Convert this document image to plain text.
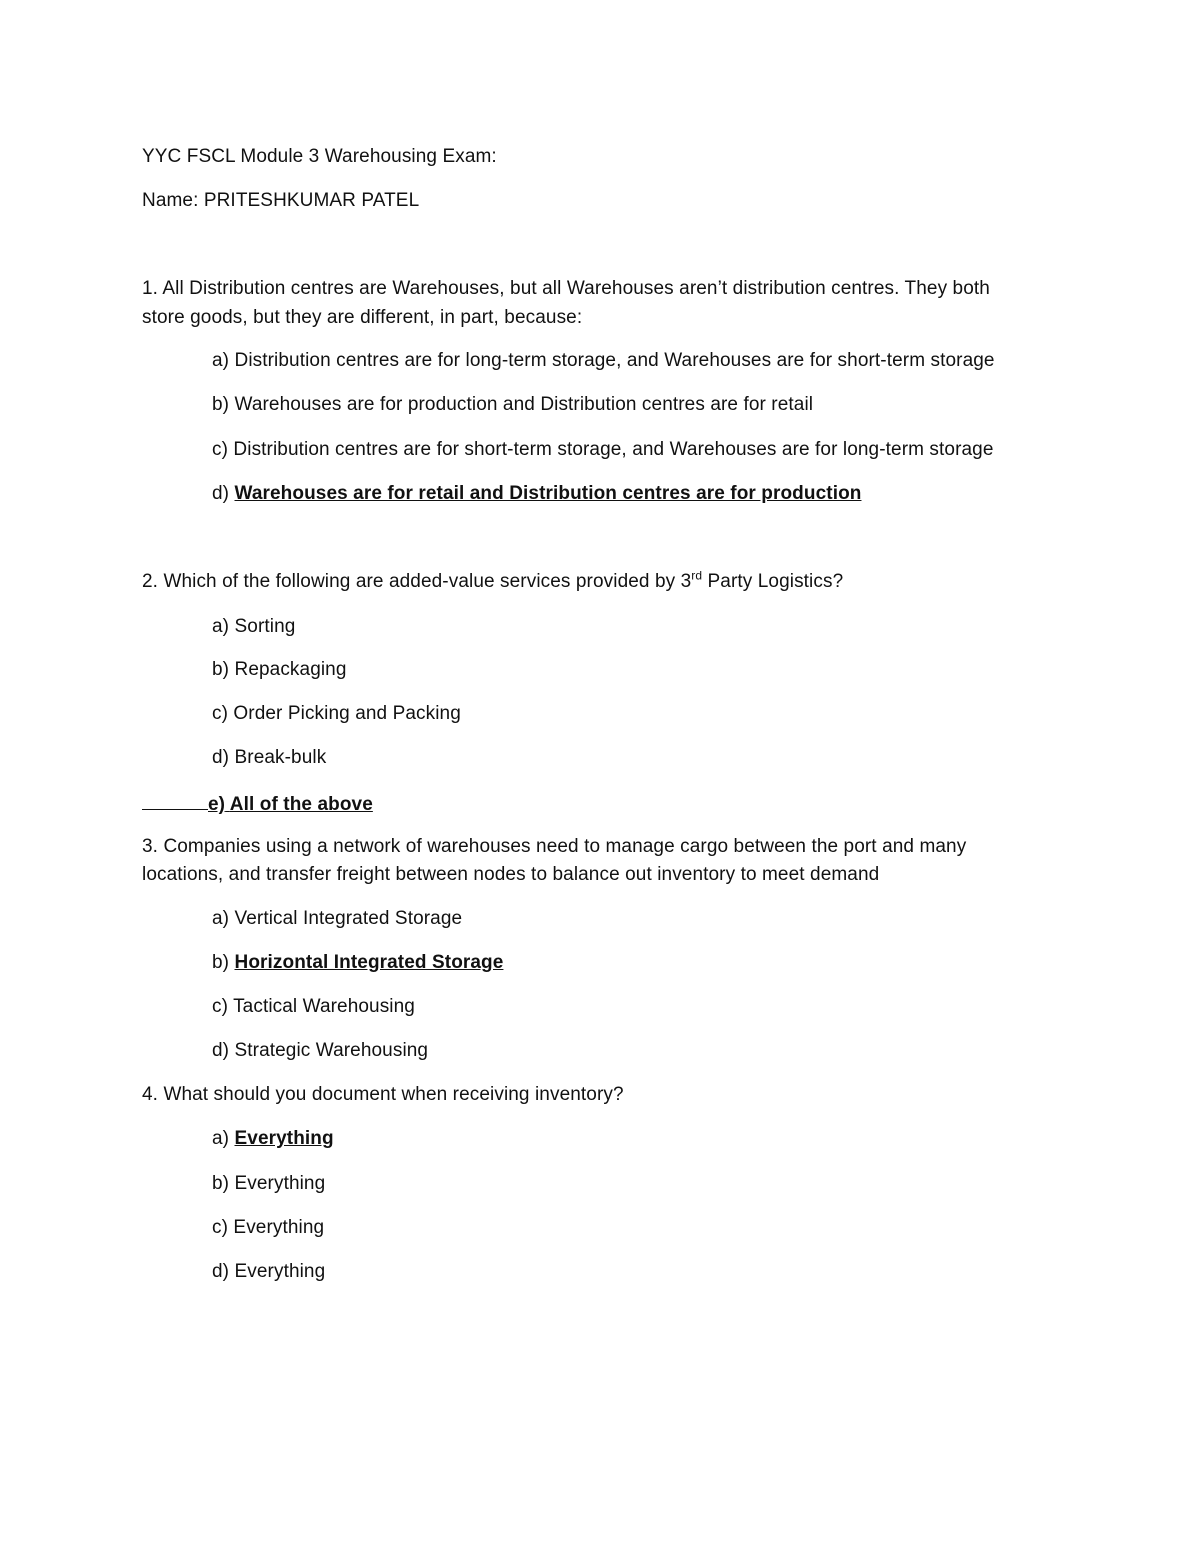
YYC FSCL Module 3 Warehousing Exam:
Name: PRITESHKUMAR PATEL
1. All Distribution centres are Warehouses, but all Warehouses aren’t distribution centres. They both
store goods, but they are different, in part, because:
a) Distribution centres are for long-term storage, and Warehouses are for short-term storage
b) Warehouses are for production and Distribution centres are for retail
c) Distribution centres are for short-term storage, and Warehouses are for long-term storage
d) Warehouses are for retail and Distribution centres are for production
2. Which of the following are added-value services provided by 3rd Party Logistics?
a) Sorting
b) Repackaging
c) Order Picking and Packing
d) Break-bulk
e) All of the above
3. Companies using a network of warehouses need to manage cargo between the port and many
locations, and transfer freight between nodes to balance out inventory to meet demand
a) Vertical Integrated Storage
b) Horizontal Integrated Storage
c) Tactical Warehousing
d) Strategic Warehousing
4. What should you document when receiving inventory?
a) Everything
b) Everything
c) Everything
d) Everything
